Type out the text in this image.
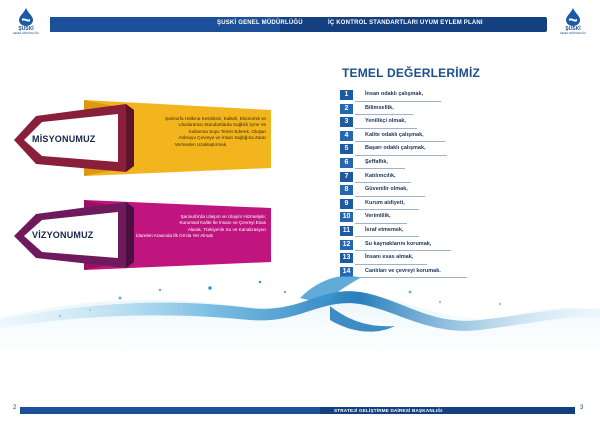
ŞUSKİ
GENEL MÜDÜRLÜĞÜ
ŞUSKİ GENEL MÜDÜRLÜĞÜ	İÇ KONTROL STANDARTLARI UYUM EYLEM PLANI
ŞUSKİ
GENEL MÜDÜRLÜĞÜ
MİSYONUMUZ
Şanlıurfa Halkına Kesintisiz, Kaliteli, Ekonomik ve
Uluslararası Standartlarda Sağlıklı İçme Ve
Kullanma Suyu Temin Ederek, Oluşan
Atıksuyu Çevreye ve İnsan Sağlığına Zarar
Vermeden Uzaklaştırmak.
VİZYONUMUZ
Şanlıurfa'da Ulaşım ve Ulaşılır Hizmetiyle;
Kurumsal Kalite İle İnsanı ve Çevreyi Esas
Alarak, Türkiye'de Su ve Kanalizasyon
İdareleri Arasında İlk On'da Yer Almak
TEMEL DEĞERLERİMİZ
1	İnsan odaklı çalışmak,
2	Bilimsellik,
3	Yenilikçi olmak,
4	Kalite odaklı çalışmak,
5	Başarı odaklı çalışmak,
6	Şeffaflık,
7	Katılımcılık,
8	Güvenilir olmak,
9	Kurum aidiyeti,
10	Verimlilik,
11	İsraf etmemek,
12	Su kaynaklarını korumak,
13	İnsanı esas almak,
14	Canlıları ve çevreyi korumak.
2	STRATEJİ GELİŞTİRME DAİRESİ BAŞKANLIĞI	3
